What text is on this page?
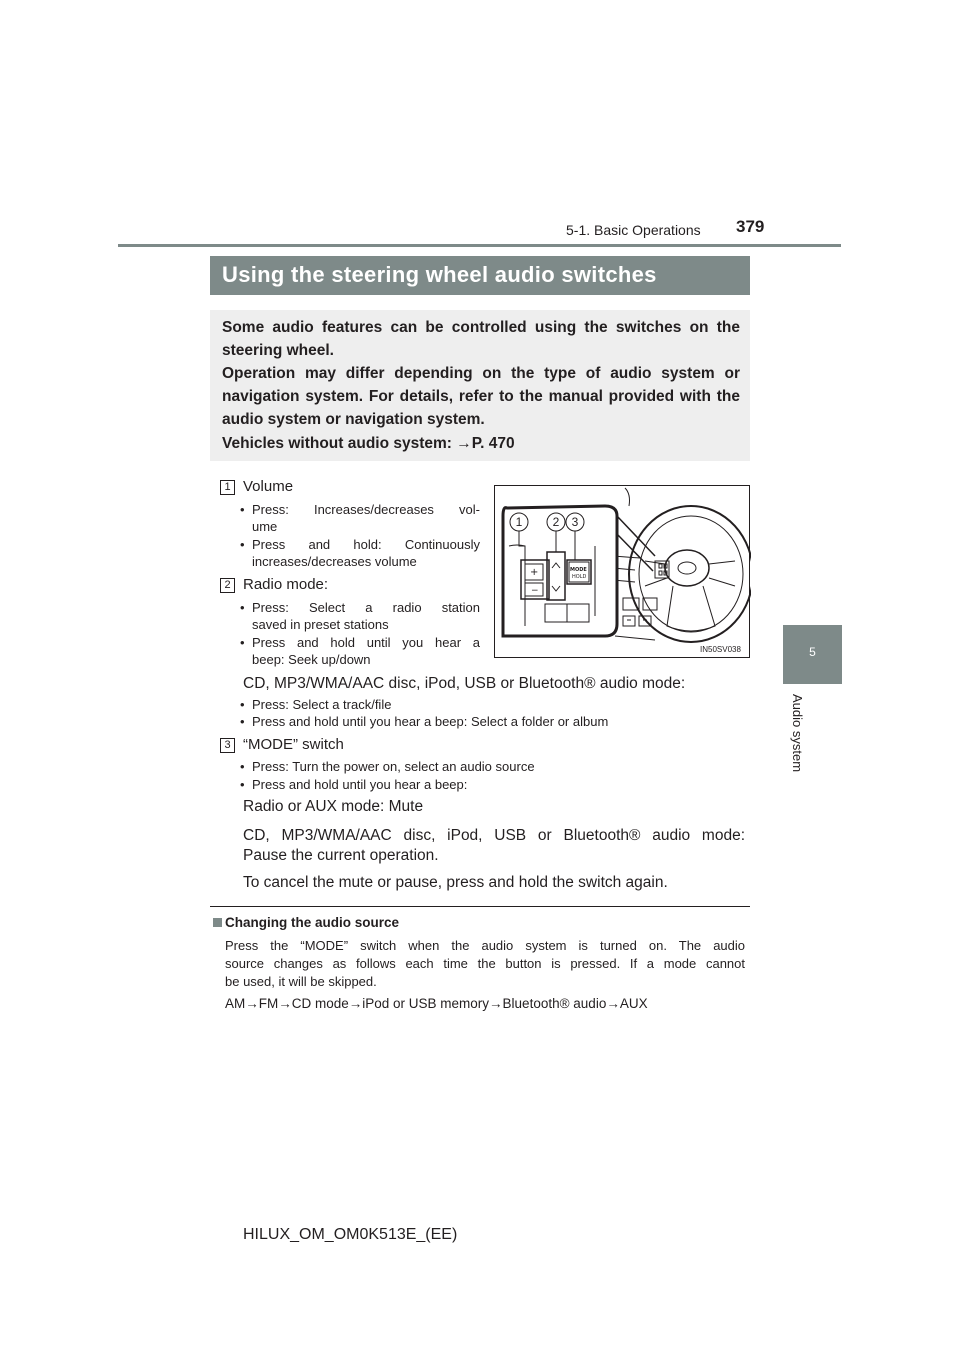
5-1. Basic Operations 379
5
Audio system
Using the steering wheel audio switches
Some audio features can be controlled using the switches on the steering wheel.
Operation may differ depending on the type of audio system or navigation system. For details, refer to the manual provided with the audio system or navigation system.
Vehicles without audio system: →P. 470
1 Volume
• Press: Increases/decreases vol-
ume
• Press and hold: Continuously
increases/decreases volume
2 Radio mode:
• Press: Select a radio station
saved in preset stations
• Press and hold until you hear a
beep: Seek up/down
CD, MP3/WMA/AAC disc, iPod, USB or Bluetooth® audio mode:
• Press: Select a track/file
• Press and hold until you hear a beep: Select a folder or album
3 “MODE” switch
• Press: Turn the power on, select an audio source
• Press and hold until you hear a beep:
Radio or AUX mode: Mute
CD, MP3/WMA/AAC disc, iPod, USB or Bluetooth® audio mode:
Pause the current operation.
To cancel the mute or pause, press and hold the switch again.
+
−
MODE
HOLD
1	2 3
IN50SV038
Changing the audio source
Press the “MODE” switch when the audio system is turned on. The audio
source changes as follows each time the button is pressed. If a mode cannot
be used, it will be skipped.
AM→FM→CD mode→iPod or USB memory→Bluetooth® audio→AUX
HILUX_OM_OM0K513E_(EE)
